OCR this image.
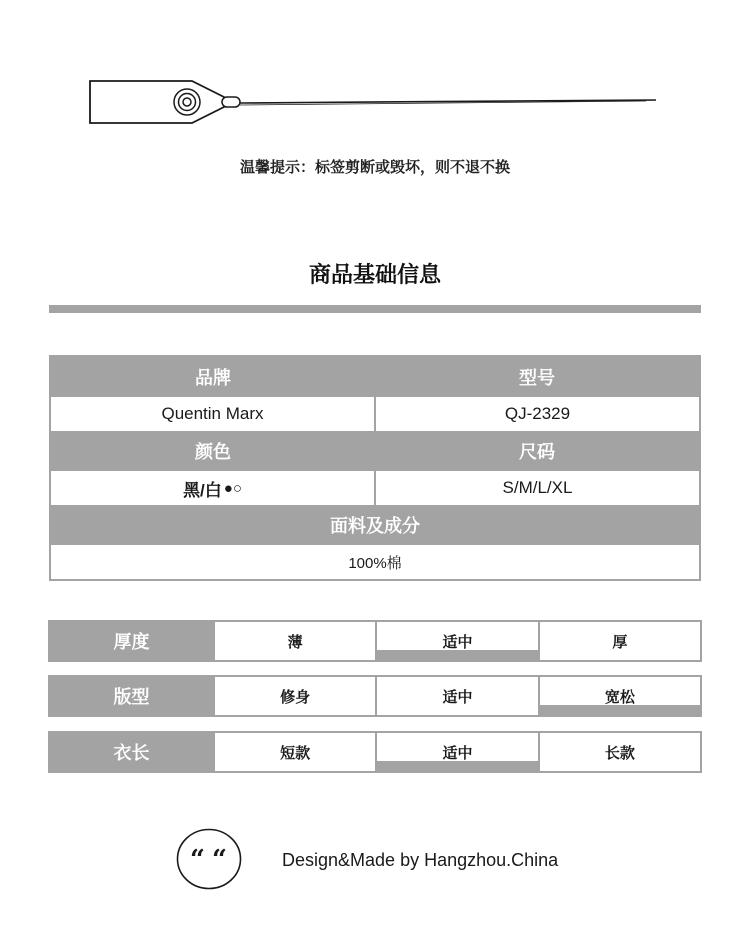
温馨提示：标签剪断或毁坏，则不退不换
商品基础信息
品牌	型号
Quentin Marx	QJ-2329
颜色	尺码
黑/白 ●○	S/M/L/XL
面料及成分
100%棉
厚度	薄	适中	厚
版型	修身	适中	宽松
衣长	短款	适中	长款
“ “	Design&Made by Hangzhou.China
